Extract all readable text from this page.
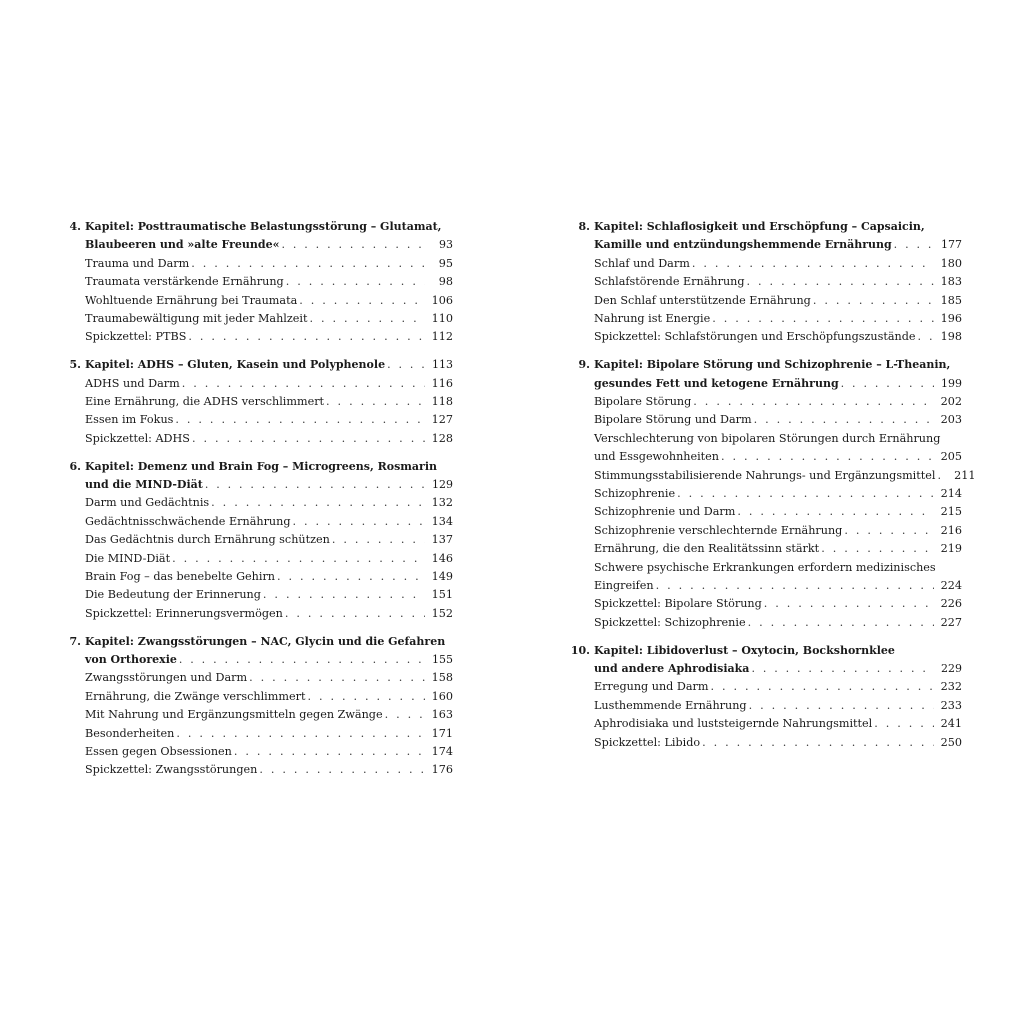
4. Kapitel: Posttraumatische Belastungsstörung – Glutamat,
Blaubeeren und »alte Freunde« . . .	93
Trauma und Darm . . .	95
Traumata verstärkende Ernährung . . .	98
Wohltuende Ernährung bei Traumata . . .	106
Traumabewältigung mit jeder Mahlzeit . . .	110
Spickzettel: PTBS . . .	112
5. Kapitel: ADHS – Gluten, Kasein und Polyphenole . . .	113
ADHS und Darm . . .	116
Eine Ernährung, die ADHS verschlimmert . . .	118
Essen im Fokus . . .	127
Spickzettel: ADHS . . .	128
6. Kapitel: Demenz und Brain Fog – Microgreens, Rosmarin
und die MIND-Diät . . .	129
Darm und Gedächtnis . . .	132
Gedächtnisschwächende Ernährung . . .	134
Das Gedächtnis durch Ernährung schützen . . .	137
Die MIND-Diät . . .	146
Brain Fog – das benebelte Gehirn . . .	149
Die Bedeutung der Erinnerung . . .	151
Spickzettel: Erinnerungsvermögen . . .	152
7. Kapitel: Zwangsstörungen – NAC, Glycin und die Gefahren
von Orthorexie . . .	155
Zwangsstörungen und Darm . . .	158
Ernährung, die Zwänge verschlimmert . . .	160
Mit Nahrung und Ergänzungsmitteln gegen Zwänge . . .	163
Besonderheiten . . .	171
Essen gegen Obsessionen . . .	174
Spickzettel: Zwangsstörungen . . .	176
8. Kapitel: Schlaflosigkeit und Erschöpfung – Capsaicin,
Kamille und entzündungshemmende Ernährung . . .	177
Schlaf und Darm . . .	180
Schlafstörende Ernährung . . .	183
Den Schlaf unterstützende Ernährung . . .	185
Nahrung ist Energie . . .	196
Spickzettel: Schlafstörungen und Erschöpfungszustände . . .	198
9. Kapitel: Bipolare Störung und Schizophrenie – L-Theanin,
gesundes Fett und ketogene Ernährung . . .	199
Bipolare Störung . . .	202
Bipolare Störung und Darm . . .	203
Verschlechterung von bipolaren Störungen durch Ernährung
und Essgewohnheiten . . .	205
Stimmungsstabilisierende Nahrungs- und Ergänzungsmittel . . .	211
Schizophrenie . . .	214
Schizophrenie und Darm . . .	215
Schizophrenie verschlechternde Ernährung . . .	216
Ernährung, die den Realitätssinn stärkt . . .	219
Schwere psychische Erkrankungen erfordern medizinisches
Eingreifen . . .	224
Spickzettel: Bipolare Störung . . .	226
Spickzettel: Schizophrenie . . .	227
10. Kapitel: Libidoverlust – Oxytocin, Bockshornklee
und andere Aphrodisiaka . . .	229
Erregung und Darm . . .	232
Lusthemmende Ernährung . . .	233
Aphrodisiaka und luststeigernde Nahrungsmittel . . .	241
Spickzettel: Libido . . .	250
